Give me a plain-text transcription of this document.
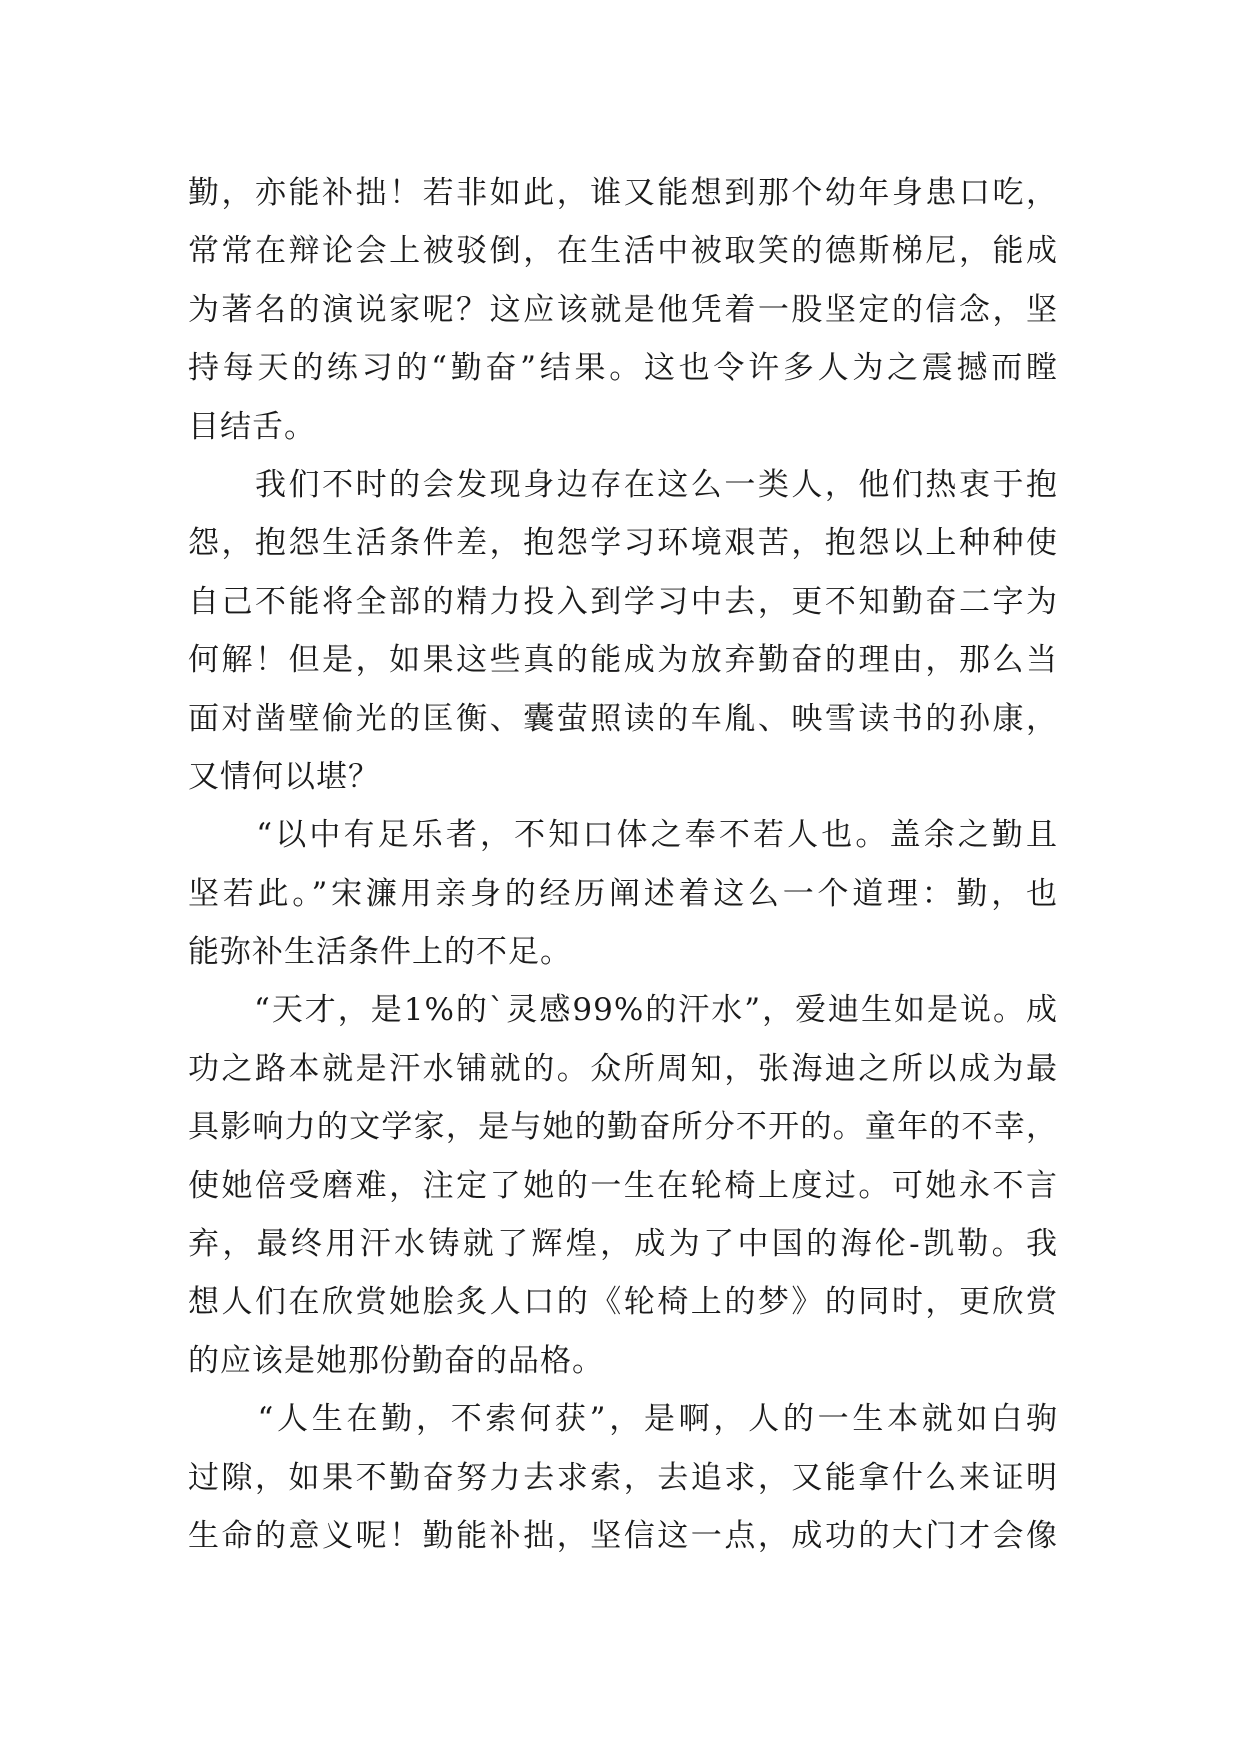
勤，亦能补拙！若非如此，谁又能想到那个幼年身患口吃，
常常在辩论会上被驳倒，在生活中被取笑的德斯梯尼，能成
为著名的演说家呢？这应该就是他凭着一股坚定的信念，坚
持每天的练习的“勤奋”结果。这也令许多人为之震撼而瞠
目结舌。
　　我们不时的会发现身边存在这么一类人，他们热衷于抱
怨，抱怨生活条件差，抱怨学习环境艰苦，抱怨以上种种使
自己不能将全部的精力投入到学习中去，更不知勤奋二字为
何解！但是，如果这些真的能成为放弃勤奋的理由，那么当
面对凿壁偷光的匡衡、囊萤照读的车胤、映雪读书的孙康，
又情何以堪？
　　“以中有足乐者，不知口体之奉不若人也。盖余之勤且
坚若此。”宋濂用亲身的经历阐述着这么一个道理：勤，也
能弥补生活条件上的不足。
　　“天才，是1%的`灵感99%的汗水”，爱迪生如是说。成
功之路本就是汗水铺就的。众所周知，张海迪之所以成为最
具影响力的文学家，是与她的勤奋所分不开的。童年的不幸，
使她倍受磨难，注定了她的一生在轮椅上度过。可她永不言
弃，最终用汗水铸就了辉煌，成为了中国的海伦-凯勒。我
想人们在欣赏她脍炙人口的《轮椅上的梦》的同时，更欣赏
的应该是她那份勤奋的品格。
　　“人生在勤，不索何获”，是啊，人的一生本就如白驹
过隙，如果不勤奋努力去求索，去追求，又能拿什么来证明
生命的意义呢！勤能补拙，坚信这一点，成功的大门才会像
